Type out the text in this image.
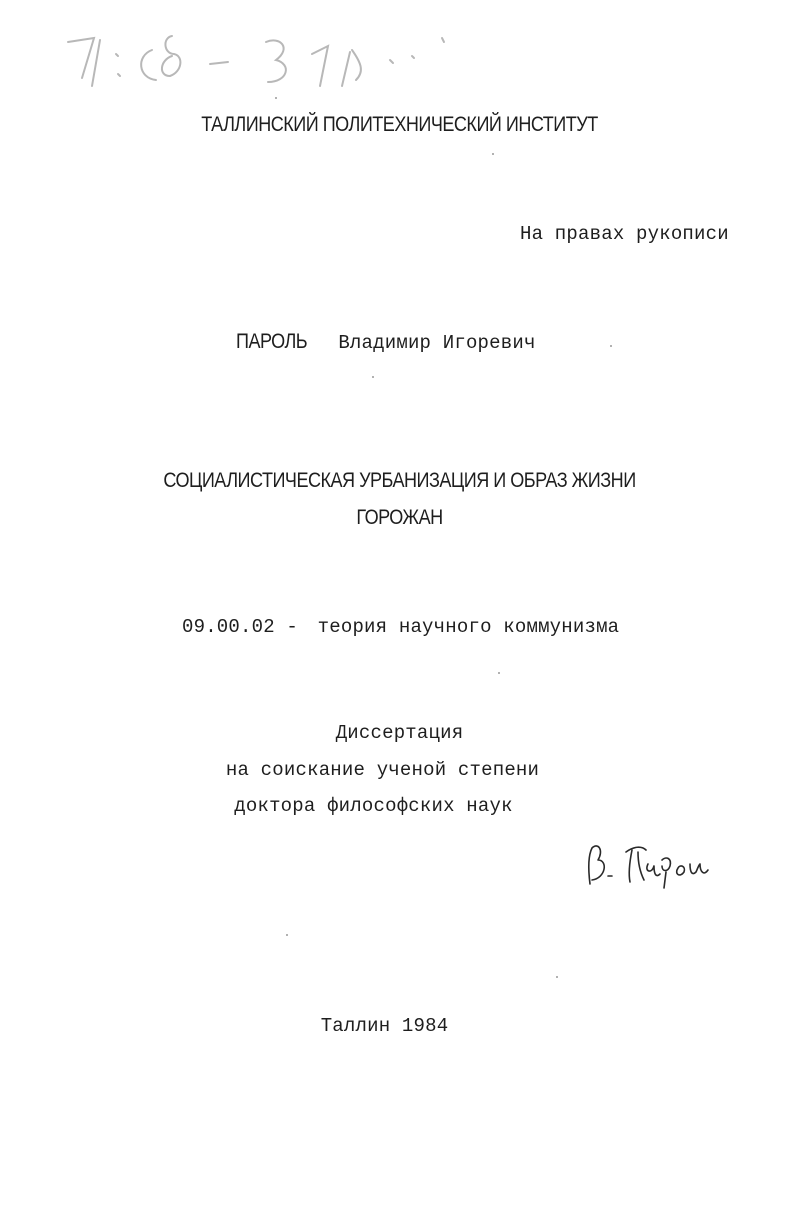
ТАЛЛИНСКИЙ ПОЛИТЕХНИЧЕСКИЙ ИНСТИТУТ
На правах рукописи
ПАРОЛЬ Владимир Игоревич
СОЦИАЛИСТИЧЕСКАЯ УРБАНИЗАЦИЯ И ОБРАЗ ЖИЗНИ
ГОРОЖАН
09.00.02 - теория научного коммунизма
Диссертация
на соискание ученой степени
доктора философских наук
Таллин 1984
